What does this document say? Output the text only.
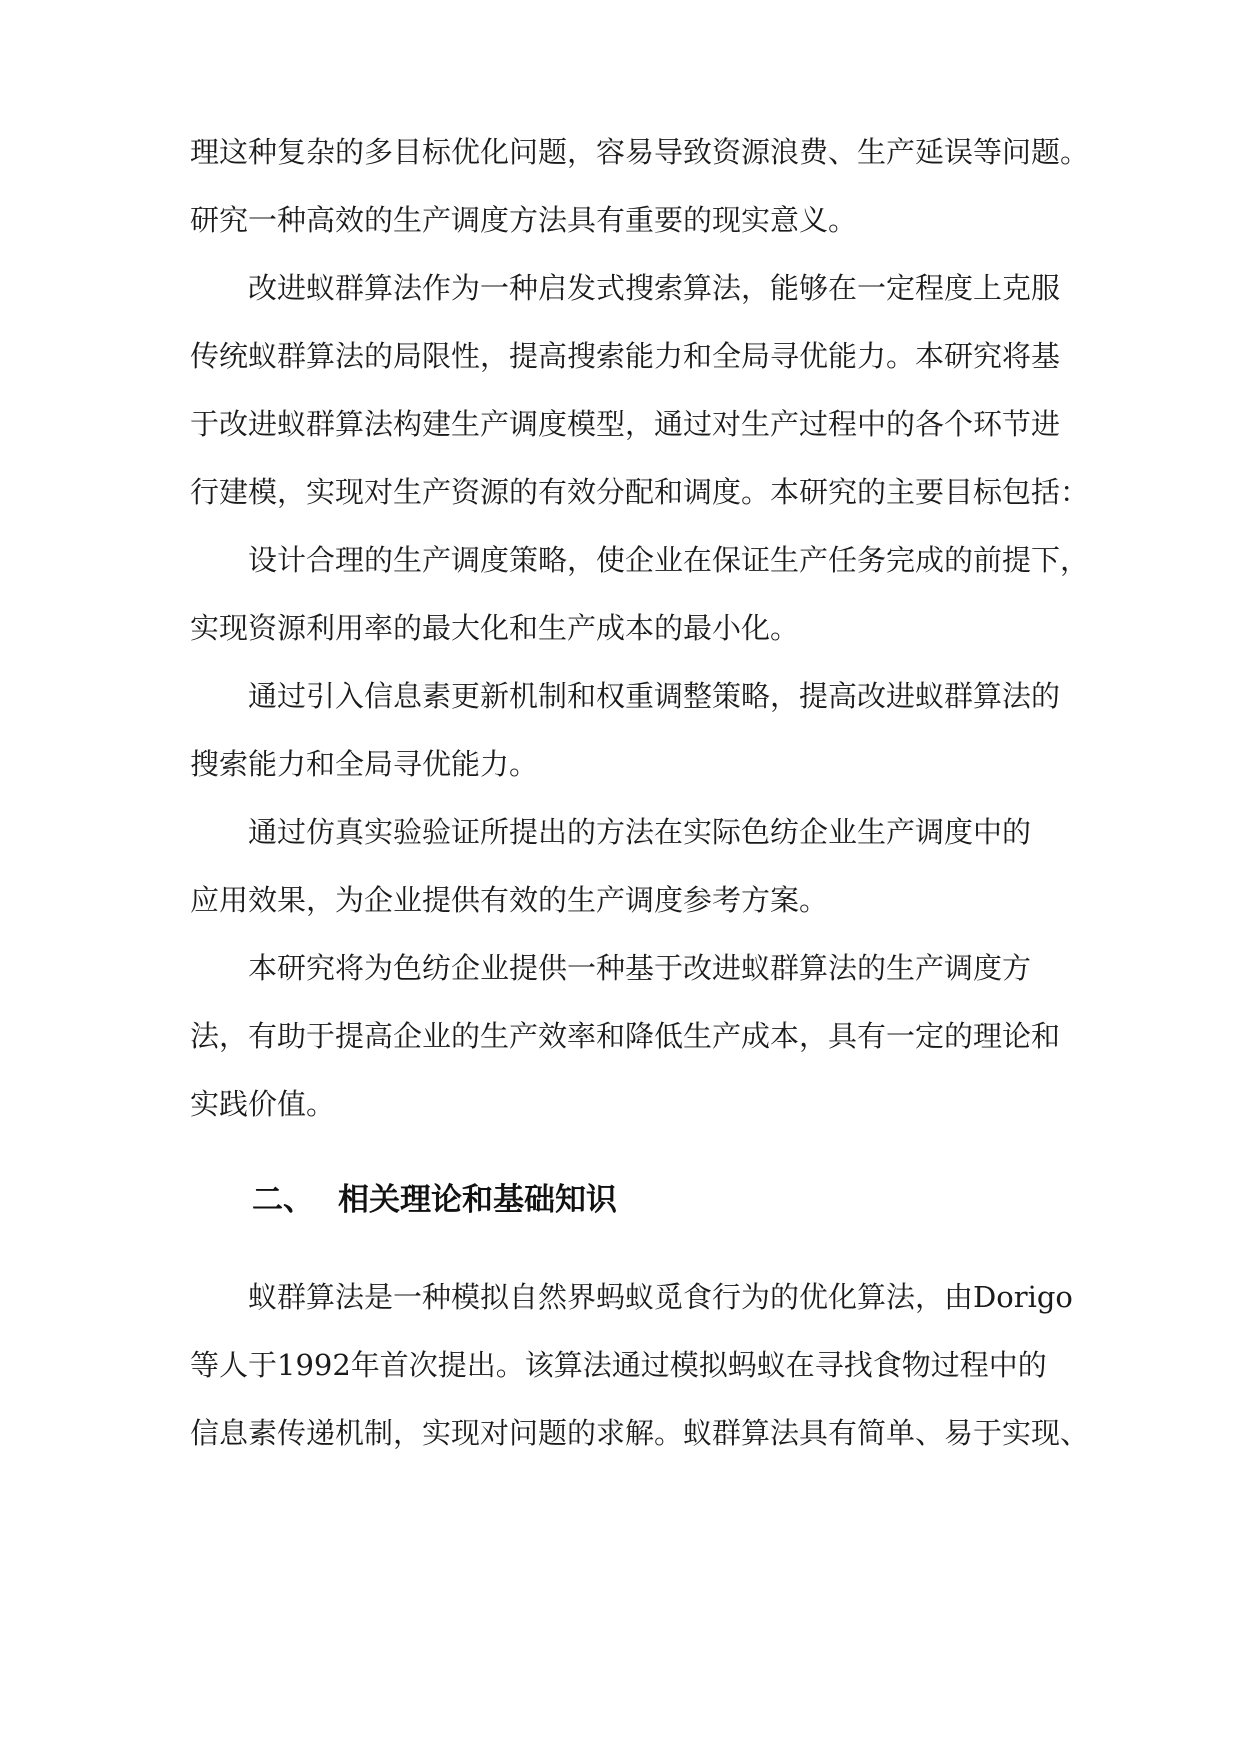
理这种复杂的多目标优化问题，容易导致资源浪费、生产延误等问题。
研究一种高效的生产调度方法具有重要的现实意义。
改进蚁群算法作为一种启发式搜索算法，能够在一定程度上克服
传统蚁群算法的局限性，提高搜索能力和全局寻优能力。本研究将基
于改进蚁群算法构建生产调度模型，通过对生产过程中的各个环节进
行建模，实现对生产资源的有效分配和调度。本研究的主要目标包括：
设计合理的生产调度策略，使企业在保证生产任务完成的前提下，
实现资源利用率的最大化和生产成本的最小化。
通过引入信息素更新机制和权重调整策略，提高改进蚁群算法的
搜索能力和全局寻优能力。
通过仿真实验验证所提出的方法在实际色纺企业生产调度中的
应用效果，为企业提供有效的生产调度参考方案。
本研究将为色纺企业提供一种基于改进蚁群算法的生产调度方
法，有助于提高企业的生产效率和降低生产成本，具有一定的理论和
实践价值。
二、 相关理论和基础知识
蚁群算法是一种模拟自然界蚂蚁觅食行为的优化算法，由Dorigo
等人于1992年首次提出。该算法通过模拟蚂蚁在寻找食物过程中的
信息素传递机制，实现对问题的求解。蚁群算法具有简单、易于实现、
